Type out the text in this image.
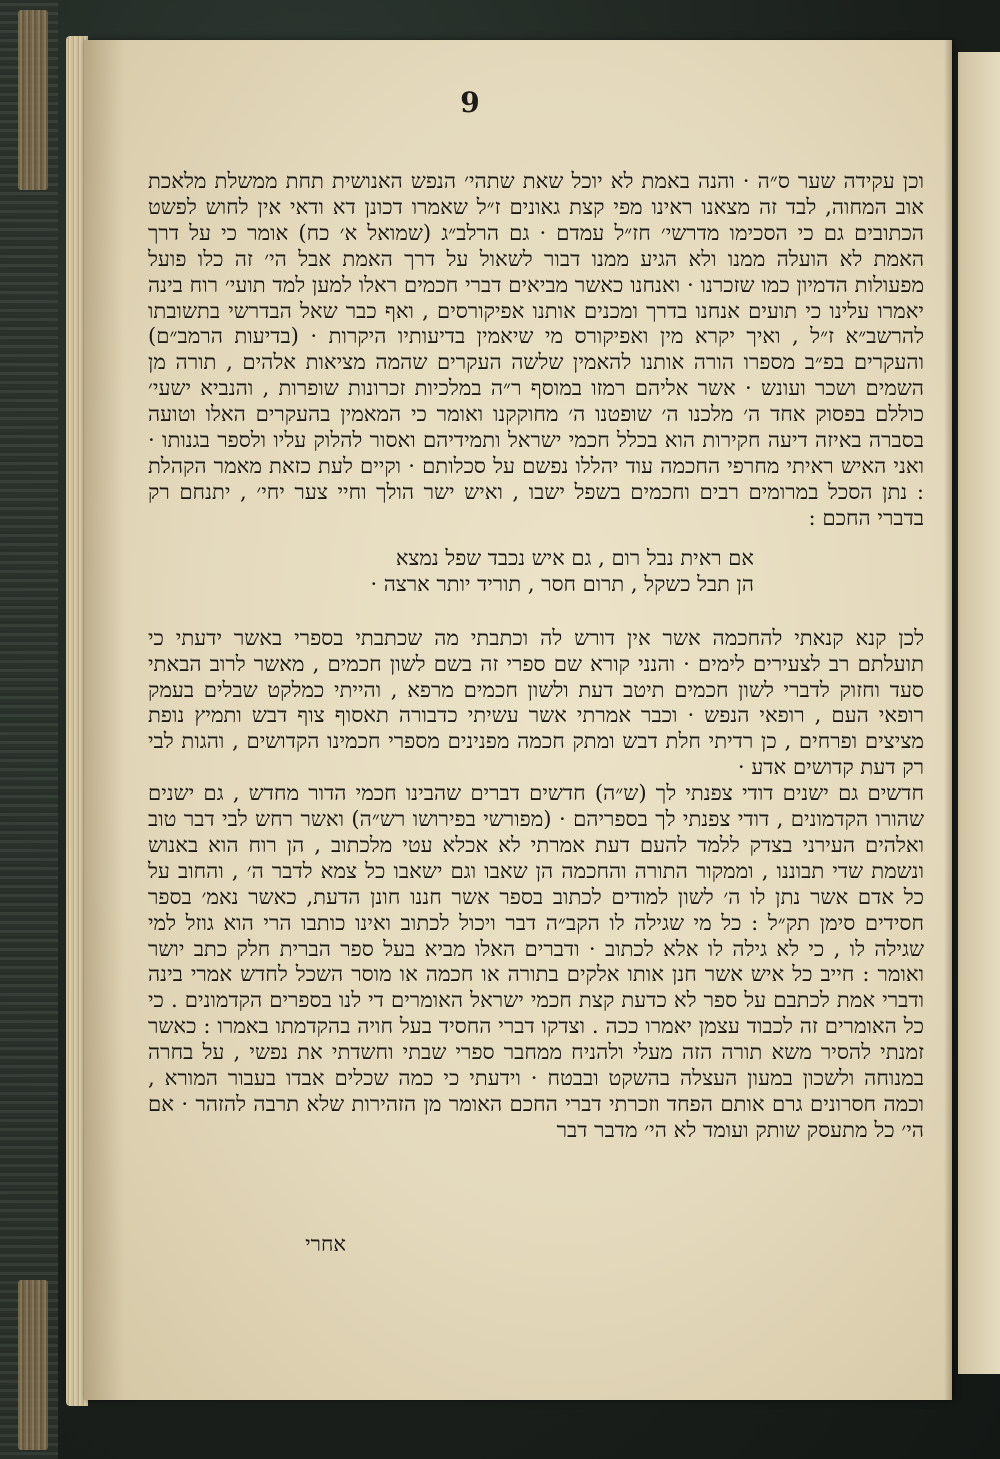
9

וכן עקידה שער ס״ה · והנה באמת לא יוכל שאת שתהי׳ הנפש האנושית תחת ממשלת מלאכת אוב המחוה, לבד זה מצאנו ראינו מפי קצת גאונים ז״ל שאמרו דכונן דא ודאי אין לחוש לפשט הכתובים גם כי הסכימו מדרשי׳ חז״ל עמדם · גם הרלב״ג (שמואל א׳ כח) אומר כי על דרך האמת לא הועלה ממנו ולא הגיע ממנו דבור לשאול על דרך האמת אבל הי׳ זה כלו פועל מפעולות הדמיון כמו שזכרנו · ואנחנו כאשר מביאים דברי חכמים ראלו למען למד תועי׳ רוח בינה יאמרו עלינו כי תועים אנחנו בדרך ומכנים אותנו אפיקורסים , ואף כבר שאל הבדרשי בתשובתו להרשב״א ז״ל , ואיך יקרא מין ואפיקורס מי שיאמין בדיעותיו היקרות · (בדיעות הרמב״ם) והעקרים בפ״ב מספרו הורה אותנו להאמין שלשה העקרים שהמה מציאות אלהים , תורה מן השמים ושכר ועונש · אשר אליהם רמזו במוסף ר״ה במלכיות זכרונות שופרות , והנביא ישעי׳ כוללם בפסוק אחד ה׳ מלכנו ה׳ שופטנו ה׳ מחוקקנו ואומר כי המאמין בהעקרים האלו וטועה בסברה באיזה דיעה חקירות הוא בכלל חכמי ישראל ותמידיהם ואסור להלוק עליו ולספר בגנותו · ואני האיש ראיתי מחרפי החכמה עוד יהללו נפשם על סכלותם · וקיים לעת כזאת מאמר הקהלת : נתן הסכל במרומים רבים וחכמים בשפל ישבו , ואיש ישר הולך וחיי צער יחי׳ , יתנחם רק בדברי החכם :

אם ראית נבל רום , גם איש נכבד שפל נמצא
הן תבל כשקל , תרום חסר , תוריד יותר ארצה ·

לכן קנא קנאתי להחכמה אשר אין דורש לה וכתבתי מה שכתבתי בספרי באשר ידעתי כי תועלתם רב לצעירים לימים · והנני קורא שם ספרי זה בשם לשון חכמים , מאשר לרוב הבאתי סעד וחזוק לדברי לשון חכמים תיטב דעת ולשון חכמים מרפא , והייתי כמלקט שבלים בעמק רופאי העם , רופאי הנפש · וכבר אמרתי אשר עשיתי כדבורה תאסוף צוף דבש ותמיץ נופת מציצים ופרחים , כן רדיתי חלת דבש ומתק חכמה מפנינים מספרי חכמינו הקדושים , והגות לבי רק דעת קדושים אדע ·

חדשים גם ישנים דודי צפנתי לך (ש״ה) חדשים דברים שהבינו חכמי הדור מחדש , גם ישנים שהורו הקדמונים , דודי צפנתי לך בספריהם · (מפורשי בפירושו רש״ה) ואשר רחש לבי דבר טוב ואלהים העירני בצדק ללמד להעם דעת אמרתי לא אכלא עטי מלכתוב , הן רוח הוא באנוש ונשמת שדי תבוננו , וממקור התורה והחכמה הן שאבו וגם ישאבו כל צמא לדבר ה׳ , והחוב על כל אדם אשר נתן לו ה׳ לשון למודים לכתוב בספר אשר חננו חונן הדעת, כאשר נאמ׳ בספר חסידים סימן תק״ל : כל מי שגילה לו הקב״ה דבר ויכול לכתוב ואינו כותבו הרי הוא גוזל למי שגילה לו , כי לא גילה לו אלא לכתוב · ודברים האלו מביא בעל ספר הברית חלק כתב יושר ואומר : חייב כל איש אשר חנן אותו אלקים בתורה או חכמה או מוסר השכל לחדש אמרי בינה ודברי אמת לכתבם על ספר לא כדעת קצת חכמי ישראל האומרים די לנו בספרים הקדמונים . כי כל האומרים זה לכבוד עצמן יאמרו ככה . וצדקו דברי החסיד בעל חויה בהקדמתו באמרו : כאשר זמנתי להסיר משא תורה הזה מעלי ולהניח ממחבר ספרי שבתי וחשדתי את נפשי , על בחרה במנוחה ולשכון במעון העצלה בהשקט ובבטח · וידעתי כי כמה שכלים אבדו בעבור המורא , וכמה חסרונים גרם אותם הפחד וזכרתי דברי החכם האומר מן הזהירות שלא תרבה להזהר · אם הי׳ כל מתעסק שותק ועומד לא הי׳ מדבר דבר

אחרי
